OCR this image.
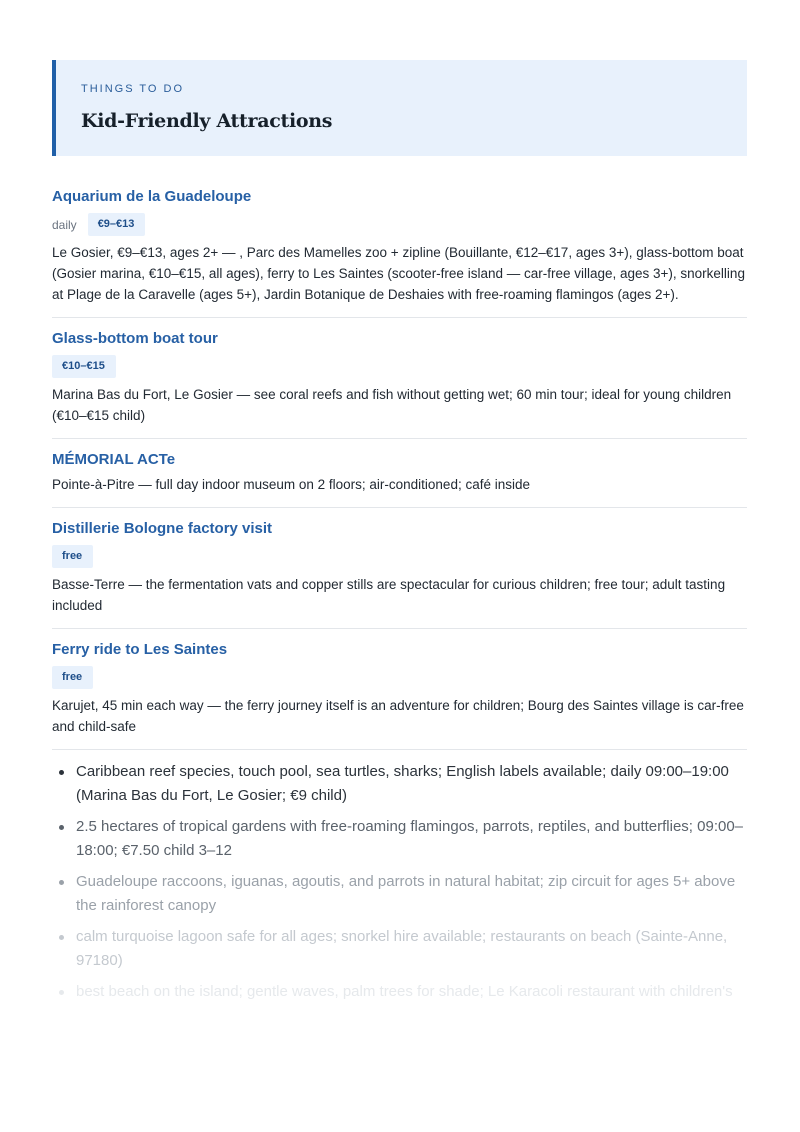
THINGS TO DO

Kid-Friendly Attractions
Aquarium de la Guadeloupe
daily	€9–€13

Le Gosier, €9–€13, ages 2+ — , Parc des Mamelles zoo + zipline (Bouillante, €12–€17, ages 3+), glass-bottom boat (Gosier marina, €10–€15, all ages), ferry to Les Saintes (scooter-free island — car-free village, ages 3+), snorkelling at Plage de la Caravelle (ages 5+), Jardin Botanique de Deshaies with free-roaming flamingos (ages 2+).

Glass-bottom boat tour
€10–€15

Marina Bas du Fort, Le Gosier — see coral reefs and fish without getting wet; 60 min tour; ideal for young children (€10–€15 child)

MÉMORIAL ACTe

Pointe-à-Pitre — full day indoor museum on 2 floors; air-conditioned; café inside

Distillerie Bologne factory visit
free

Basse-Terre — the fermentation vats and copper stills are spectacular for curious children; free tour; adult tasting included

Ferry ride to Les Saintes
free

Karujet, 45 min each way — the ferry journey itself is an adventure for children; Bourg des Saintes village is car-free and child-safe

Caribbean reef species, touch pool, sea turtles, sharks; English labels available; daily 09:00–19:00 (Marina Bas du Fort, Le Gosier; €9 child)
2.5 hectares of tropical gardens with free-roaming flamingos, parrots, reptiles, and butterflies; 09:00–18:00; €7.50 child 3–12
Guadeloupe raccoons, iguanas, agoutis, and parrots in natural habitat; zip circuit for ages 5+ above the rainforest canopy
calm turquoise lagoon safe for all ages; snorkel hire available; restaurants on beach (Sainte-Anne, 97180)
best beach on the island; gentle waves, palm trees for shade; Le Karacoli restaurant with children's
